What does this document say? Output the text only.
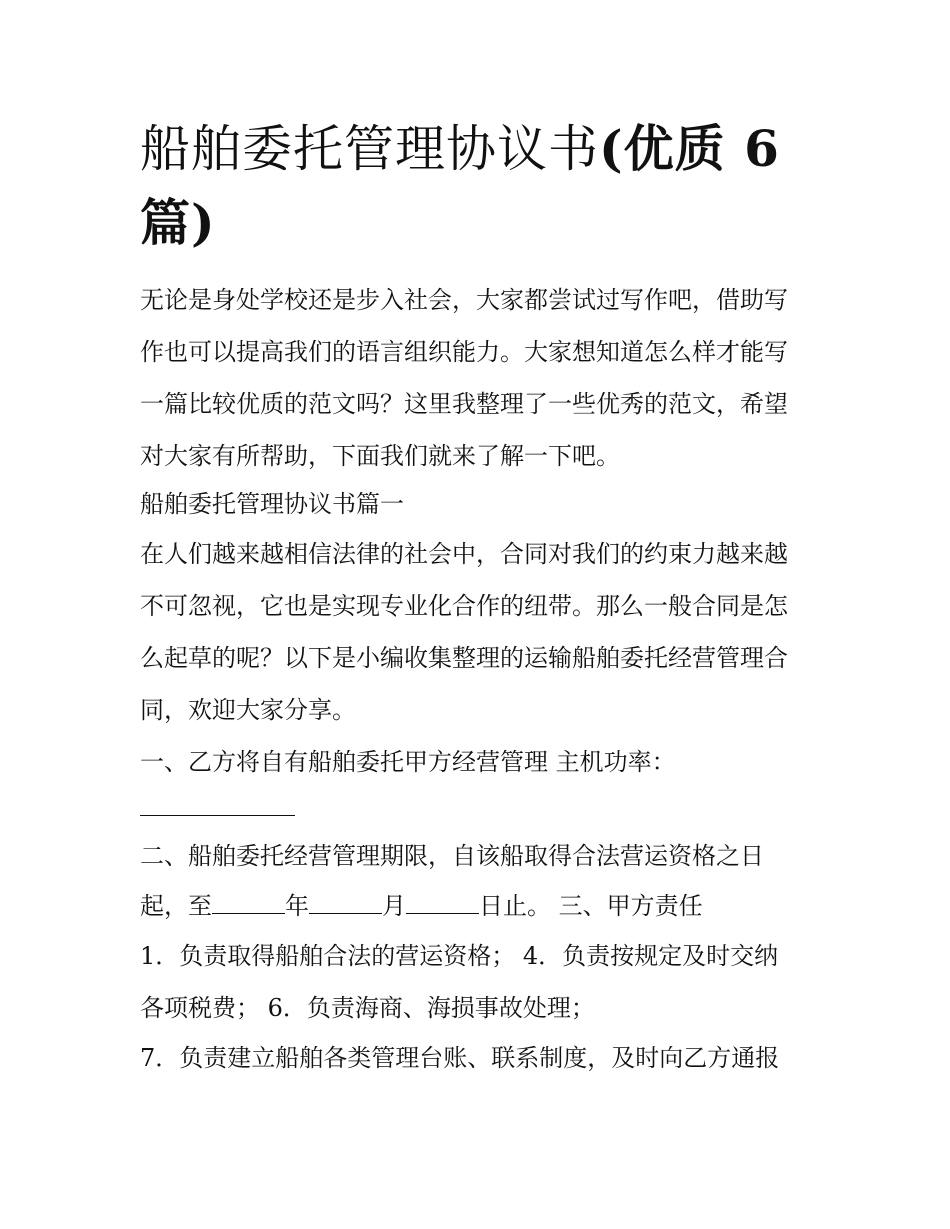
船舶委托管理协议书(优质 6
篇)

无论是身处学校还是步入社会，大家都尝试过写作吧，借助写

作也可以提高我们的语言组织能力。大家想知道怎么样才能写

一篇比较优质的范文吗？这里我整理了一些优秀的范文，希望

对大家有所帮助，下面我们就来了解一下吧。

船舶委托管理协议书篇一

在人们越来越相信法律的社会中，合同对我们的约束力越来越

不可忽视，它也是实现专业化合作的纽带。那么一般合同是怎

么起草的呢？以下是小编收集整理的运输船舶委托经营管理合

同，欢迎大家分享。

一、乙方将自有船舶委托甲方经营管理 主机功率：

二、船舶委托经营管理期限，自该船取得合法营运资格之日

起，至	年	月	日止。 三、甲方责任

1．负责取得船舶合法的营运资格； 4．负责按规定及时交纳

各项税费； 6．负责海商、海损事故处理；

7．负责建立船舶各类管理台账、联系制度，及时向乙方通报
